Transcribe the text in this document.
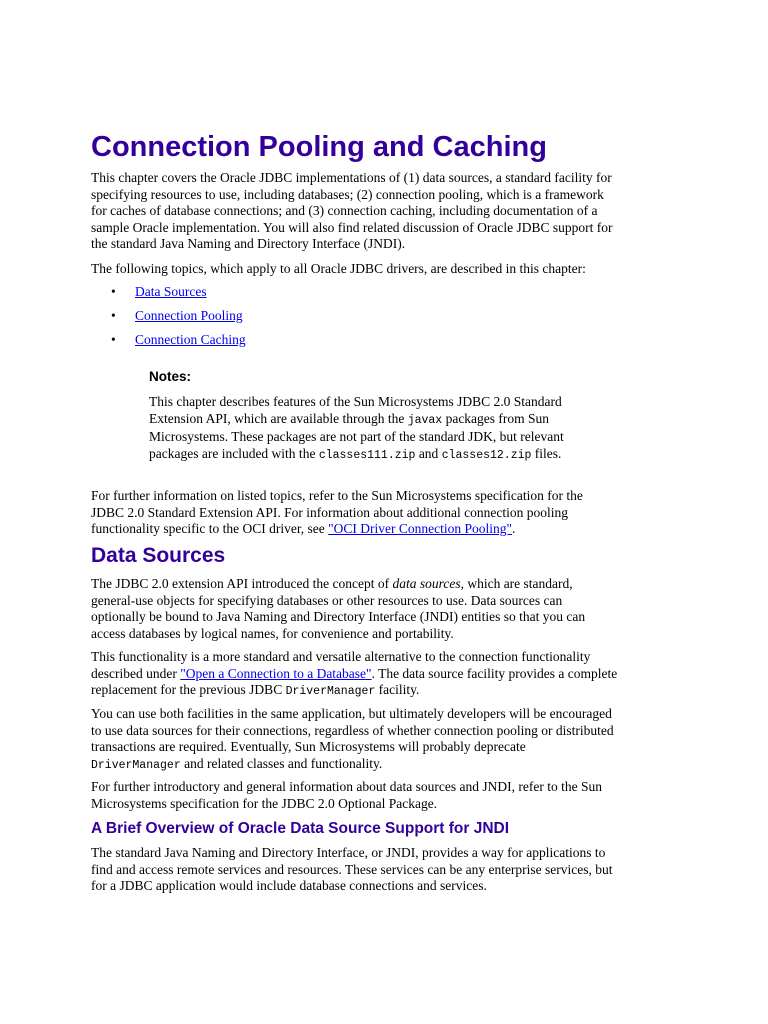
Connection Pooling and Caching

This chapter covers the Oracle JDBC implementations of (1) data sources, a standard facility for
specifying resources to use, including databases; (2) connection pooling, which is a framework
for caches of database connections; and (3) connection caching, including documentation of a
sample Oracle implementation. You will also find related discussion of Oracle JDBC support for
the standard Java Naming and Directory Interface (JNDI).

The following topics, which apply to all Oracle JDBC drivers, are described in this chapter:

• Data Sources
• Connection Pooling
• Connection Caching
Notes:

This chapter describes features of the Sun Microsystems JDBC 2.0 Standard
Extension API, which are available through the javax packages from Sun
Microsystems. These packages are not part of the standard JDK, but relevant
packages are included with the classes111.zip and classes12.zip files.

For further information on listed topics, refer to the Sun Microsystems specification for the
JDBC 2.0 Standard Extension API. For information about additional connection pooling
functionality specific to the OCI driver, see "OCI Driver Connection Pooling".

Data Sources

The JDBC 2.0 extension API introduced the concept of data sources, which are standard,
general-use objects for specifying databases or other resources to use. Data sources can
optionally be bound to Java Naming and Directory Interface (JNDI) entities so that you can
access databases by logical names, for convenience and portability.

This functionality is a more standard and versatile alternative to the connection functionality
described under "Open a Connection to a Database". The data source facility provides a complete
replacement for the previous JDBC DriverManager facility.

You can use both facilities in the same application, but ultimately developers will be encouraged
to use data sources for their connections, regardless of whether connection pooling or distributed
transactions are required. Eventually, Sun Microsystems will probably deprecate
DriverManager and related classes and functionality.

For further introductory and general information about data sources and JNDI, refer to the Sun
Microsystems specification for the JDBC 2.0 Optional Package.

A Brief Overview of Oracle Data Source Support for JNDI

The standard Java Naming and Directory Interface, or JNDI, provides a way for applications to
find and access remote services and resources. These services can be any enterprise services, but
for a JDBC application would include database connections and services.
